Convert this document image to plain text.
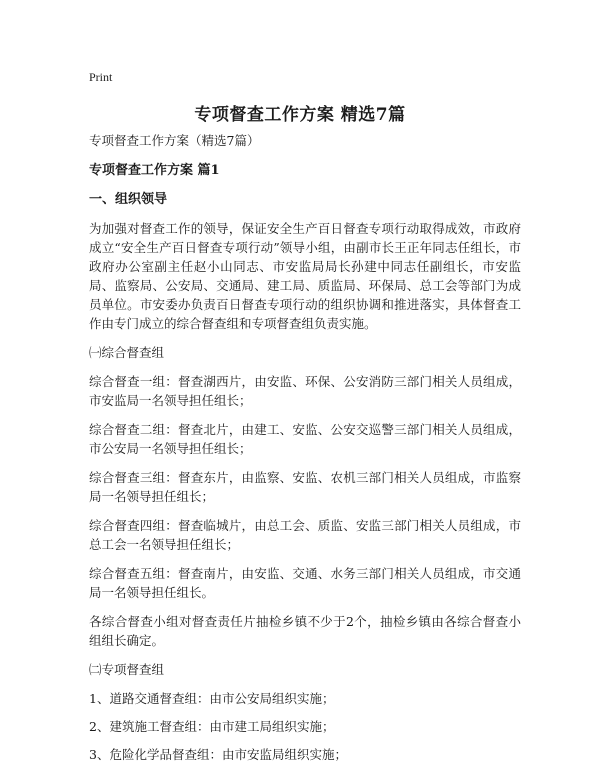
Print
专项督查工作方案 精选7篇

专项督查工作方案（精选7篇）

专项督查工作方案 篇1

一、组织领导

为加强对督查工作的领导，保证安全生产百日督查专项行动取得成效，市政府成立“安全生产百日督查专项行动”领导小组，由副市长王正年同志任组长，市政府办公室副主任赵小山同志、市安监局局长孙建中同志任副组长，市安监局、监察局、公安局、交通局、建工局、质监局、环保局、总工会等部门为成员单位。市安委办负责百日督查专项行动的组织协调和推进落实，具体督查工作由专门成立的综合督查组和专项督查组负责实施。

㈠综合督查组

综合督查一组：督查湖西片，由安监、环保、公安消防三部门相关人员组成，市安监局一名领导担任组长；

综合督查二组：督查北片，由建工、安监、公安交巡警三部门相关人员组成，市公安局一名领导担任组长；

综合督查三组：督查东片，由监察、安监、农机三部门相关人员组成，市监察局一名领导担任组长；

综合督查四组：督查临城片，由总工会、质监、安监三部门相关人员组成，市总工会一名领导担任组长；

综合督查五组：督查南片，由安监、交通、水务三部门相关人员组成，市交通局一名领导担任组长。

各综合督查小组对督查责任片抽检乡镇不少于2个，抽检乡镇由各综合督查小组组长确定。

㈡专项督查组

1、道路交通督查组：由市公安局组织实施；

2、建筑施工督查组：由市建工局组织实施；

3、危险化学品督查组：由市安监局组织实施；
